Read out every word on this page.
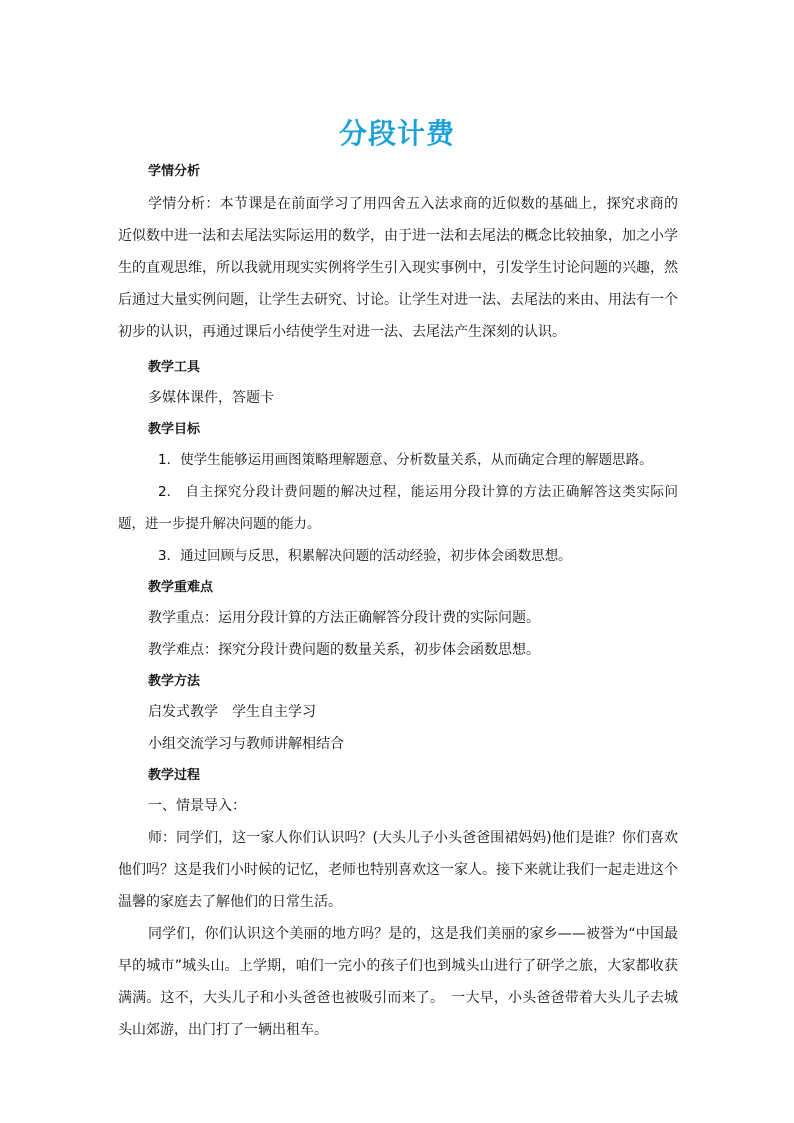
分段计费
学情分析

学情分析：本节课是在前面学习了用四舍五入法求商的近似数的基础上，探究求商的近似数中进一法和去尾法实际运用的数学，由于进一法和去尾法的概念比较抽象，加之小学生的直观思维，所以我就用现实实例将学生引入现实事例中，引发学生讨论问题的兴趣，然后通过大量实例问题，让学生去研究、讨论。让学生对进一法、去尾法的来由、用法有一个初步的认识，再通过课后小结使学生对进一法、去尾法产生深刻的认识。

教学工具
多媒体课件，答题卡
教学目标

1．使学生能够运用画图策略理解题意、分析数量关系，从而确定合理的解题思路。

2.　自主探究分段计费问题的解决过程，能运用分段计算的方法正确解答这类实际问题，进一步提升解决问题的能力。

3．通过回顾与反思，积累解决问题的活动经验，初步体会函数思想。

教学重难点

教学重点：运用分段计算的方法正确解答分段计费的实际问题。

教学难点：探究分段计费问题的数量关系，初步体会函数思想。

教学方法

启发式教学　学生自主学习

小组交流学习与教师讲解相结合

教学过程

一、情景导入：

师：同学们，这一家人你们认识吗？(大头儿子小头爸爸围裙妈妈)他们是谁？你们喜欢他们吗？这是我们小时候的记忆，老师也特别喜欢这一家人。接下来就让我们一起走进这个温馨的家庭去了解他们的日常生活。

同学们，你们认识这个美丽的地方吗？是的，这是我们美丽的家乡——被誉为“中国最早的城市”城头山。上学期，咱们一完小的孩子们也到城头山进行了研学之旅，大家都收获满满。这不，大头儿子和小头爸爸也被吸引而来了。　一大早，小头爸爸带着大头儿子去城头山郊游，出门打了一辆出租车。
